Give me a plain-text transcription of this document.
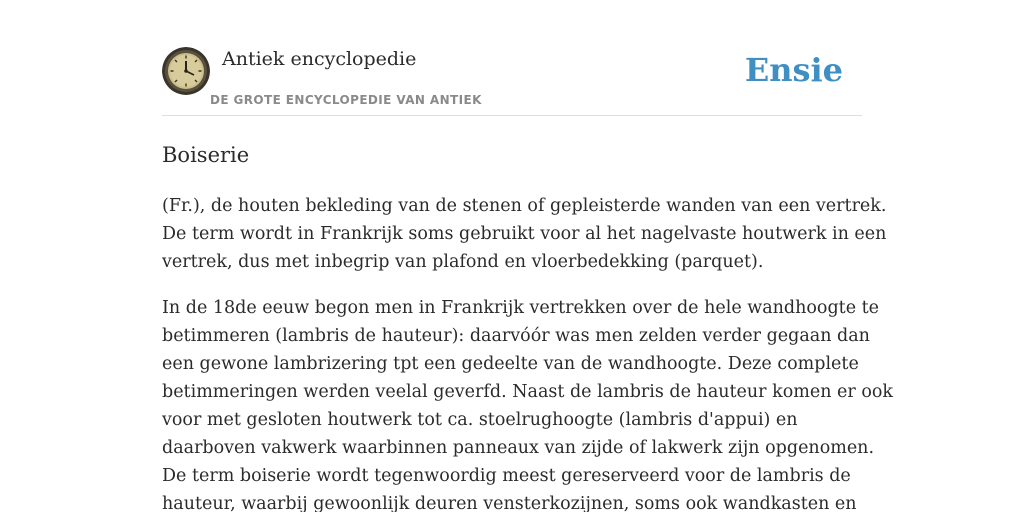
Antiek encyclopedie
DE GROTE ENCYCLOPEDIE VAN ANTIEK
Ensie
Boiserie

(Fr.), de houten bekleding van de stenen of gepleisterde wanden van een vertrek.
De term wordt in Frankrijk soms gebruikt voor al het nagelvaste houtwerk in een
vertrek, dus met inbegrip van plafond en vloerbedekking (parquet).

In de 18de eeuw begon men in Frankrijk vertrekken over de hele wandhoogte te
betimmeren (lambris de hauteur): daarvóór was men zelden verder gegaan dan
een gewone lambrizering tpt een gedeelte van de wandhoogte. Deze complete
betimmeringen werden veelal geverfd. Naast de lambris de hauteur komen er ook
voor met gesloten houtwerk tot ca. stoelrughoogte (lambris d'appui) en
daarboven vakwerk waarbinnen panneaux van zijde of lakwerk zijn opgenomen.
De term boiserie wordt tegenwoordig meest gereserveerd voor de lambris de
hauteur, waarbij gewoonlijk deuren vensterkozijnen, soms ook wandkasten en
